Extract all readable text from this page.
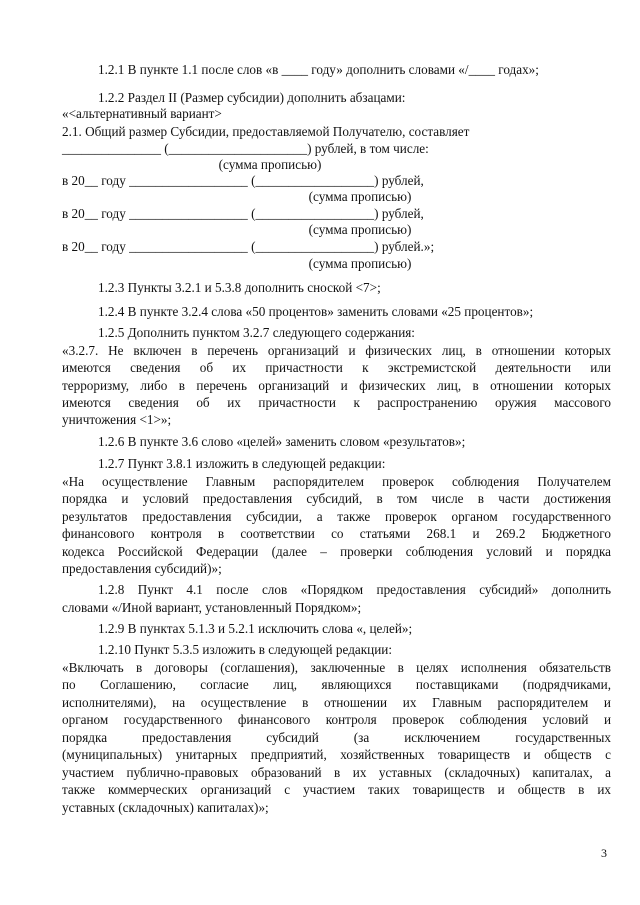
1.2.1 В пункте 1.1 после слов «в ____ году» дополнить словами «/____ годах»;
1.2.2 Раздел II (Размер субсидии) дополнить абзацами:
«<альтернативный вариант>
2.1. Общий размер Субсидии, предоставляемой Получателю, составляет
_______________ (_____________________) рублей, в том числе:
(сумма прописью)
в 20__ году __________________ (__________________) рублей,
(сумма прописью)
в 20__ году __________________ (__________________) рублей,
(сумма прописью)
в 20__ году __________________ (__________________) рублей.»;
(сумма прописью)
1.2.3 Пункты 3.2.1 и 5.3.8 дополнить сноской <7>;
1.2.4 В пункте 3.2.4 слова «50 процентов» заменить словами «25 процентов»;
1.2.5 Дополнить пунктом 3.2.7 следующего содержания:
«3.2.7. Не включен в перечень организаций и физических лиц, в отношении которых
имеются сведения об их причастности к экстремистской деятельности или
терроризму, либо в перечень организаций и физических лиц, в отношении которых
имеются сведения об их причастности к распространению оружия массового
уничтожения <1>»;
1.2.6 В пункте 3.6 слово «целей» заменить словом «результатов»;
1.2.7 Пункт 3.8.1 изложить в следующей редакции:
«На осуществление Главным распорядителем проверок соблюдения Получателем
порядка и условий предоставления субсидий, в том числе в части достижения
результатов предоставления субсидии, а также проверок органом государственного
финансового контроля в соответствии со статьями 268.1 и 269.2 Бюджетного
кодекса Российской Федерации (далее – проверки соблюдения условий и порядка
предоставления субсидий)»;
1.2.8 Пункт 4.1 после слов «Порядком предоставления субсидий» дополнить
словами «/Иной вариант, установленный Порядком»;
1.2.9 В пунктах 5.1.3 и 5.2.1 исключить слова «, целей»;
1.2.10 Пункт 5.3.5 изложить в следующей редакции:
«Включать в договоры (соглашения), заключенные в целях исполнения обязательств
по Соглашению, согласие лиц, являющихся поставщиками (подрядчиками,
исполнителями), на осуществление в отношении их Главным распорядителем и
органом государственного финансового контроля проверок соблюдения условий и
порядка предоставления субсидий (за исключением государственных
(муниципальных) унитарных предприятий, хозяйственных товариществ и обществ с
участием публично-правовых образований в их уставных (складочных) капиталах, а
также коммерческих организаций с участием таких товариществ и обществ в их
уставных (складочных) капиталах)»;
3
